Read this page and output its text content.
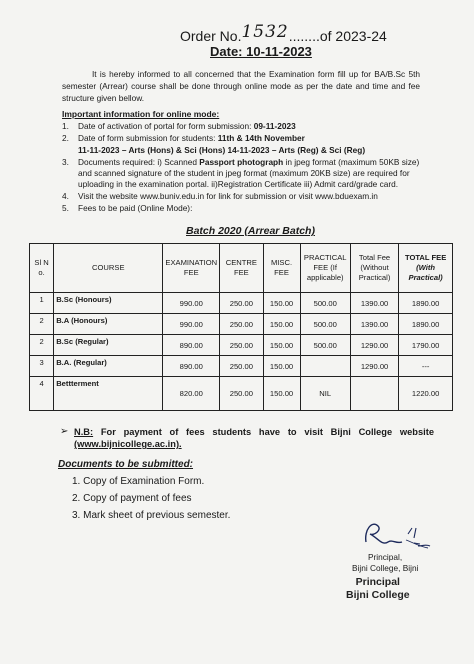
Order No.1532........of 2023-24
Date: 10-11-2023
It is hereby informed to all concerned that the Examination form fill up for BA/B.Sc 5th semester (Arrear) course shall be done through online mode as per the date and time and fee structure given bellow.
Important information for online mode:
1. Date of activation of portal for form submission: 09-11-2023
2. Date of form submission for students: 11th & 14th November
11-11-2023 – Arts (Hons) & Sci (Hons) 14-11-2023 – Arts (Reg) & Sci (Reg)
3. Documents required: i) Scanned Passport photograph in jpeg format (maximum 50KB size) and scanned signature of the student in jpeg format (maximum 20KB size) are required for uploading in the examination portal. ii)Registration Certificate iii) Admit card/grade card.
4. Visit the website www.buniv.edu.in for link for submission or visit www.bduexam.in
5. Fees to be paid (Online Mode):
Batch 2020 (Arrear Batch)
Sl N o.	COURSE	EXAMINATION FEE	CENTRE FEE	MISC. FEE	PRACTICAL FEE (If applicable)	Total Fee (Without Practical)	TOTAL FEE
(With Practical)
1	B.Sc (Honours)	990.00	250.00	150.00	500.00	1390.00	1890.00
2	B.A (Honours)	990.00	250.00	150.00	500.00	1390.00	1890.00
2	B.Sc (Regular)	890.00	250.00	150.00	500.00	1290.00	1790.00
3	B.A. (Regular)	890.00	250.00	150.00		1290.00	---
4	Bettterment	820.00	250.00	150.00	NIL		1220.00
➢ N.B: For payment of fees students have to visit Bijni College website (www.bijnicollege.ac.in).
Documents to be submitted:
1. Copy of Examination Form.
2. Copy of payment of fees
3. Mark sheet of previous semester.
Principal,
Bijni College, Bijni
Principal
Bijni College
